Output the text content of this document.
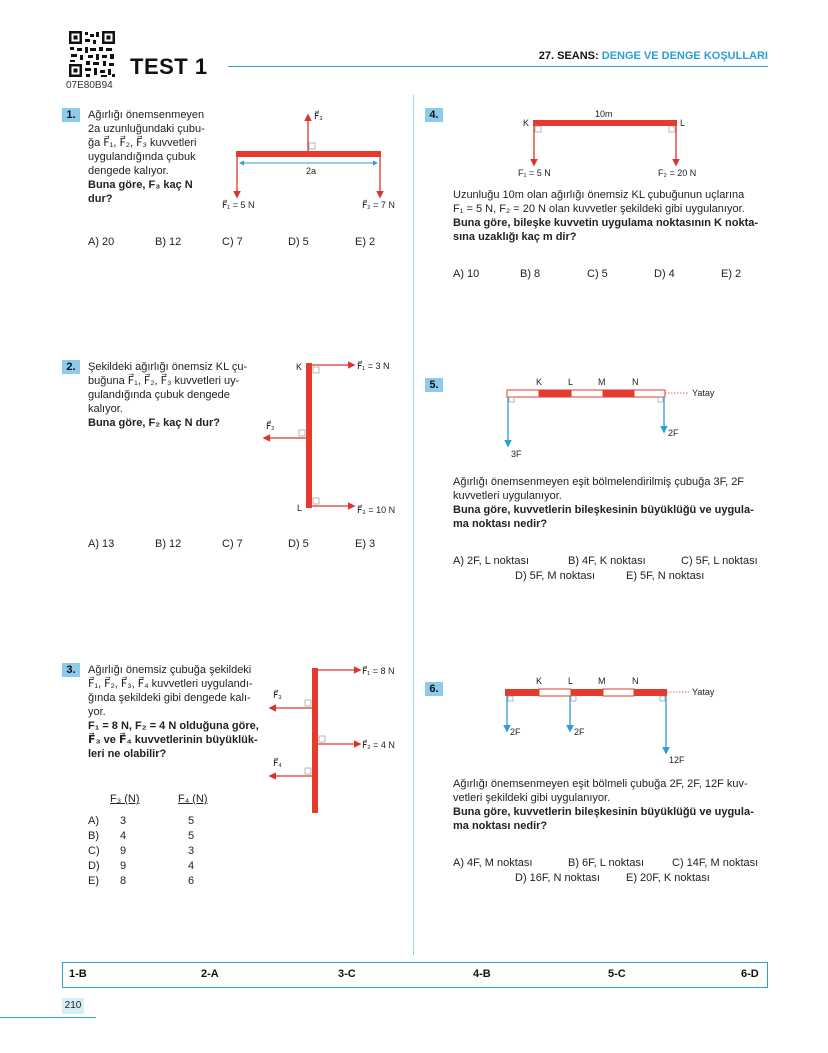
07E80B94
TEST 1	27. SEANS: DENGE VE DENGE KOŞULLARI
1.	Ağırlığı önemsenmeyen
2a uzunluğundaki çubu-
ğa F⃗₁, F⃗₂, F⃗₃ kuvvetleri
uygulandığında çubuk
dengede kalıyor.
Buna göre, F₃ kaç N
dur?
2a
F⃗₃
F⃗₁ = 5 N	F⃗₂ = 7 N
A) 20	B) 12	C) 7	D) 5	E) 2
2.	Şekildeki ağırlığı önemsiz KL çu-
buğuna F⃗₁, F⃗₂, F⃗₃ kuvvetleri uy-
gulandığında çubuk dengede
kalıyor.
Buna göre, F₂ kaç N dur?
K
L
F⃗₁ = 3 N
F⃗₂
F⃗₃ = 10 N
A) 13	B) 12	C) 7	D) 5	E) 3
3.	Ağırlığı önemsiz çubuğa şekildeki
F⃗₁, F⃗₂, F⃗₃, F⃗₄ kuvvetleri uygulandı-
ğında şekildeki gibi dengede kalı-
yor.
F₁ = 8 N, F₂ = 4 N olduğuna göre,
F⃗₃ ve F⃗₄ kuvvetlerinin büyüklük-
leri ne olabilir?
F⃗₁ = 8 N
F⃗₃
F⃗₂ = 4 N
F⃗₄
F₃ (N)	F₄ (N)
A) 3	5
B) 4	5
C) 9	3
D) 9	4
E) 8	6
4.	10m
K	L
F₁ = 5 N	F₂ = 20 N
Uzunluğu 10m olan ağırlığı önemsiz KL çubuğunun uçlarına
F₁ = 5 N, F₂ = 20 N olan kuvvetler şekildeki gibi uygulanıyor.
Buna göre, bileşke kuvvetin uygulama noktasının K nokta-
sına uzaklığı kaç m dir?
A) 10	B) 8	C) 5	D) 4	E) 2
5.	K	L	M	N
Yatay
3F
2F
Ağırlığı önemsenmeyen eşit bölmelendirilmiş çubuğa 3F, 2F
kuvvetleri uygulanıyor.
Buna göre, kuvvetlerin bileşkesinin büyüklüğü ve uygula-
ma noktası nedir?
A) 2F, L noktası	B) 4F, K noktası	C) 5F, L noktası
D) 5F, M noktası	E) 5F, N noktası
6.
K	L	M	N
Yatay
2F	2F
12F
Ağırlığı önemsenmeyen eşit bölmeli çubuğa 2F, 2F, 12F kuv-
vetleri şekildeki gibi uygulanıyor.
Buna göre, kuvvetlerin bileşkesinin büyüklüğü ve uygula-
ma noktası nedir?
A) 4F, M noktası	B) 6F, L noktası	C) 14F, M noktası
D) 16F, N noktası E) 20F, K noktası
1-B	2-A	3-C	4-B	5-C	6-D
210
